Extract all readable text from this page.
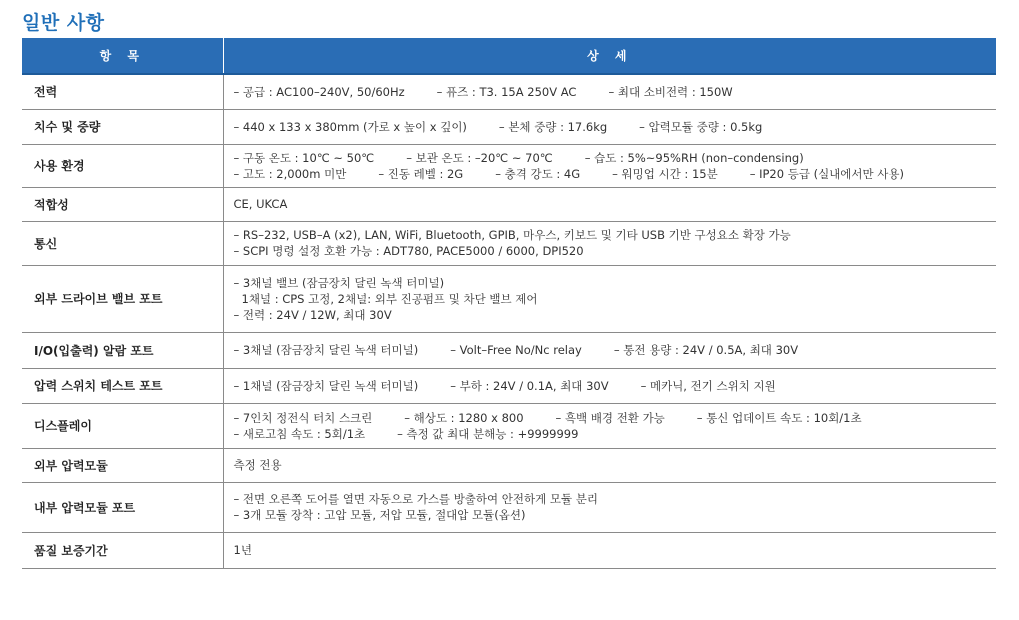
일반 사항
항 목	상 세
전력	– 공급 : AC100–240V, 50/60Hz – 퓨즈 : T3. 15A 250V AC – 최대 소비전력 : 150W

치수 및 중량	– 440 x 133 x 380mm (가로 x 높이 x 깊이) – 본체 중량 : 17.6kg – 압력모듈 중량 : 0.5kg

사용 환경	– 구동 온도 : 10℃ ~ 50℃ – 보관 온도 : –20℃ ~ 70℃ – 습도 : 5%~95%RH (non–condensing)
– 고도 : 2,000m 미만 – 진동 레벨 : 2G – 충격 강도 : 4G – 워밍업 시간 : 15분 – IP20 등급 (실내에서만 사용)

적합성	CE, UKCA

통신	– RS–232, USB–A (x2), LAN, WiFi, Bluetooth, GPIB, 마우스, 키보드 및 기타 USB 기반 구성요소 확장 가능
– SCPI 명령 설정 호환 가능 : ADT780, PACE5000 / 6000, DPI520

외부 드라이브 밸브 포트	– 3채널 밸브 (잠금장치 달린 녹색 터미널)
1채널 : CPS 고정, 2채널: 외부 진공펌프 및 차단 밸브 제어
– 전력 : 24V / 12W, 최대 30V

I/O(입출력) 알람 포트	– 3채널 (잠금장치 달린 녹색 터미널) – Volt–Free No/Nc relay – 통전 용량 : 24V / 0.5A, 최대 30V

압력 스위치 테스트 포트	– 1채널 (잠금장치 달린 녹색 터미널) – 부하 : 24V / 0.1A, 최대 30V – 메카닉, 전기 스위치 지원

디스플레이	– 7인치 정전식 터치 스크린 – 해상도 : 1280 x 800 – 흑백 배경 전환 가능 – 통신 업데이트 속도 : 10회/1초
– 새로고침 속도 : 5회/1초 – 측정 값 최대 분해능 : +9999999

외부 압력모듈	측정 전용

내부 압력모듈 포트	– 전면 오른쪽 도어를 열면 자동으로 가스를 방출하여 안전하게 모듈 분리
– 3개 모듈 장착 : 고압 모듈, 저압 모듈, 절대압 모듈(옵션)

품질 보증기간	1년
